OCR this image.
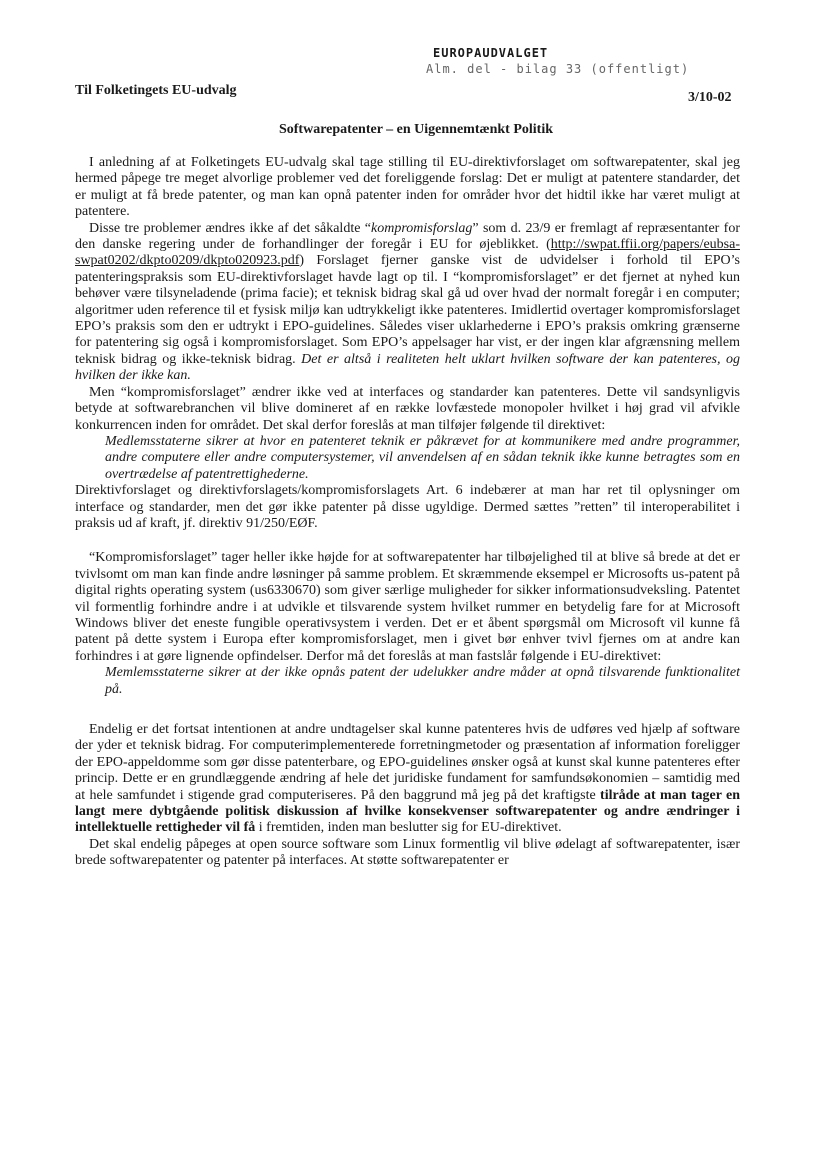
EUROPAUDVALGET
Alm. del - bilag 33 (offentligt)
Til Folketingets EU-udvalg	3/10-02
Softwarepatenter – en Uigennemtænkt Politik

I anledning af at Folketingets EU-udvalg skal tage stilling til EU-direktivforslaget om softwarepatenter, skal jeg hermed påpege tre meget alvorlige problemer ved det foreliggende forslag: Det er muligt at patentere standarder, det er muligt at få brede patenter, og man kan opnå patenter inden for områder hvor det hidtil ikke har været muligt at patentere.

Disse tre problemer ændres ikke af det såkaldte “kompromisforslag” som d. 23/9 er fremlagt af repræsentanter for den danske regering under de forhandlinger der foregår i EU for øjeblikket. (http://swpat.ffii.org/papers/eubsa-swpat0202/dkpto0209/dkpto020923.pdf) Forslaget fjerner ganske vist de udvidelser i forhold til EPO’s patenteringspraksis som EU-direktivforslaget havde lagt op til. I “kompromisforslaget” er det fjernet at nyhed kun behøver være tilsyneladende (prima facie); et teknisk bidrag skal gå ud over hvad der normalt foregår i en computer; algoritmer uden reference til et fysisk miljø kan udtrykkeligt ikke patenteres. Imidlertid overtager kompromisforslaget EPO’s praksis som den er udtrykt i EPO-guidelines. Således viser uklarhederne i EPO’s praksis omkring grænserne for patentering sig også i kompromisforslaget. Som EPO’s appelsager har vist, er der ingen klar afgrænsning mellem teknisk bidrag og ikke-teknisk bidrag. Det er altså i realiteten helt uklart hvilken software der kan patenteres, og hvilken der ikke kan.

Men “kompromisforslaget” ændrer ikke ved at interfaces og standarder kan patenteres. Dette vil sandsynligvis betyde at softwarebranchen vil blive domineret af en række lovfæstede monopoler hvilket i høj grad vil afvikle konkurrencen inden for området. Det skal derfor foreslås at man tilføjer følgende til direktivet:

Medlemsstaterne sikrer at hvor en patenteret teknik er påkrævet for at kommunikere med andre programmer, andre computere eller andre computersystemer, vil anvendelsen af en sådan teknik ikke kunne betragtes som en overtrædelse af patentrettighederne.

Direktivforslaget og direktivforslagets/kompromisforslagets Art. 6 indebærer at man har ret til oplysninger om interface og standarder, men det gør ikke patenter på disse ugyldige. Dermed sættes ”retten” til interoperabilitet i praksis ud af kraft, jf. direktiv 91/250/EØF.

“Kompromisforslaget” tager heller ikke højde for at softwarepatenter har tilbøjelighed til at blive så brede at det er tvivlsomt om man kan finde andre løsninger på samme problem. Et skræmmende eksempel er Microsofts us-patent på digital rights operating system (us6330670) som giver særlige muligheder for sikker informationsudveksling. Patentet vil formentlig forhindre andre i at udvikle et tilsvarende system hvilket rummer en betydelig fare for at Microsoft Windows bliver det eneste fungible operativsystem i verden. Det er et åbent spørgsmål om Microsoft vil kunne få patent på dette system i Europa efter kompromisforslaget, men i givet bør enhver tvivl fjernes om at andre kan forhindres i at gøre lignende opfindelser. Derfor må det foreslås at man fastslår følgende i EU-direktivet:

Memlemsstaterne sikrer at der ikke opnås patent der udelukker andre måder at opnå tilsvarende funktionalitet på.

Endelig er det fortsat intentionen at andre undtagelser skal kunne patenteres hvis de udføres ved hjælp af software der yder et teknisk bidrag. For computerimplementerede forretningmetoder og præsentation af information foreligger der EPO-appeldomme som gør disse patenterbare, og EPO-guidelines ønsker også at kunst skal kunne patenteres efter princip. Dette er en grundlæggende ændring af hele det juridiske fundament for samfundsøkonomien – samtidig med at hele samfundet i stigende grad computeriseres. På den baggrund må jeg på det kraftigste tilråde at man tager en langt mere dybtgående politisk diskussion af hvilke konsekvenser softwarepatenter og andre ændringer i intellektuelle rettigheder vil få i fremtiden, inden man beslutter sig for EU-direktivet.

Det skal endelig påpeges at open source software som Linux formentlig vil blive ødelagt af softwarepatenter, især brede softwarepatenter og patenter på interfaces. At støtte softwarepatenter er
